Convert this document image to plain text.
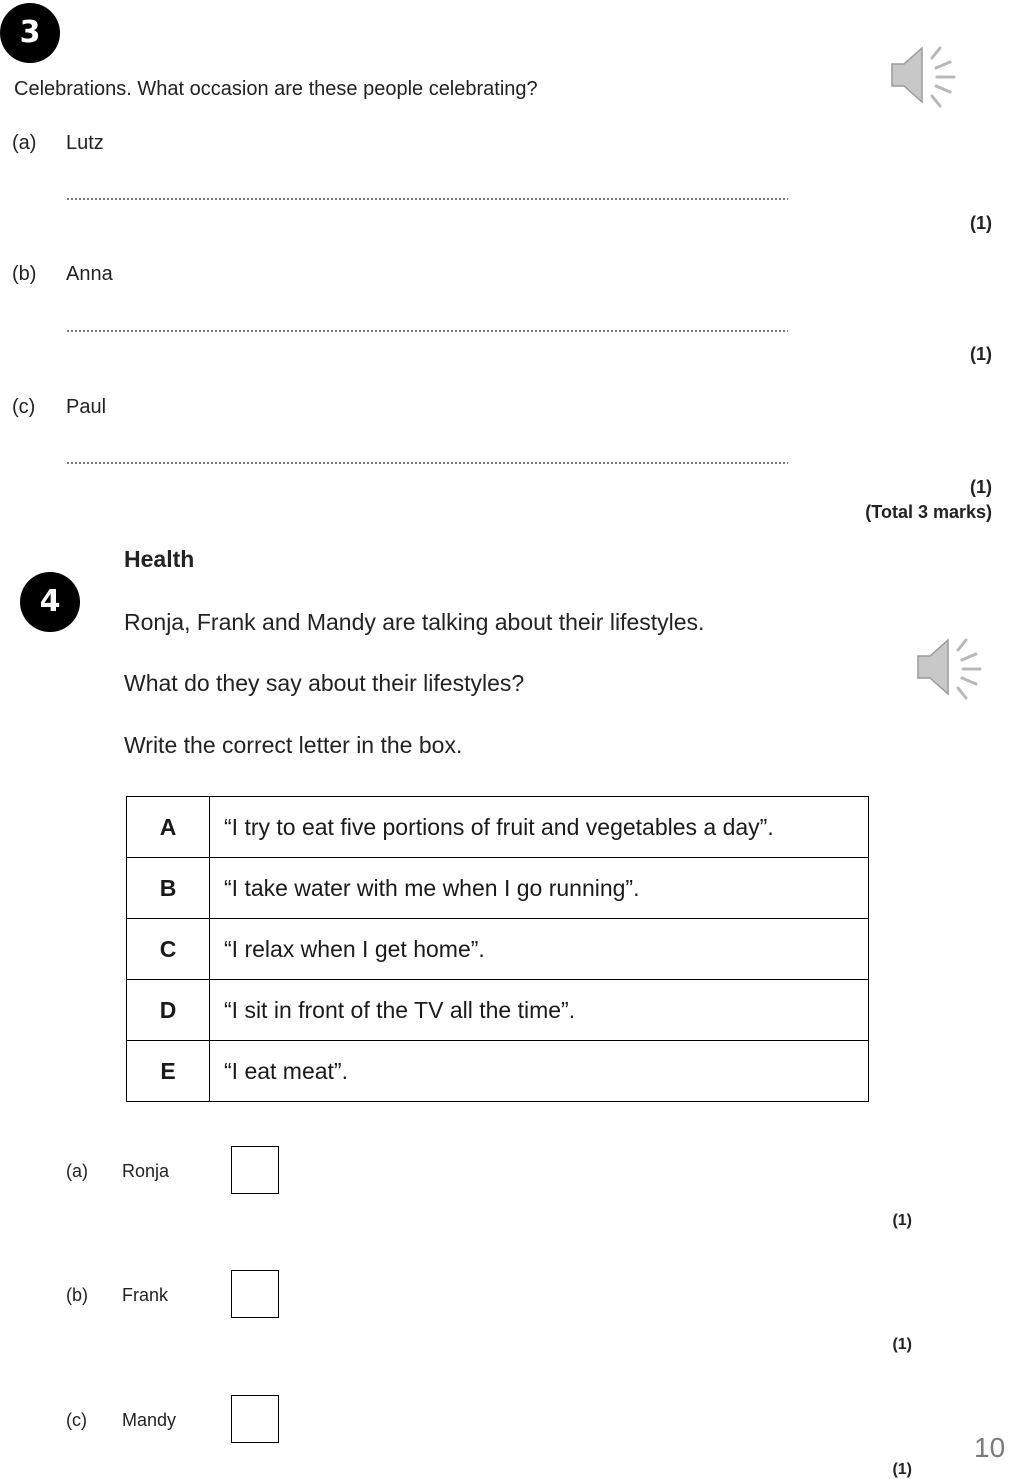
3
Celebrations. What occasion are these people celebrating?
(a) Lutz
(1)
(b) Anna
(1)
(c) Paul
(1)
(Total 3 marks)
Health
4
Ronja, Frank and Mandy are talking about their lifestyles.
What do they say about their lifestyles?
Write the correct letter in the box.
A	“I try to eat five portions of fruit and vegetables a day”.
B	“I take water with me when I go running”.
C	“I relax when I get home”.
D	“I sit in front of the TV all the time”.
E	“I eat meat”.
(a) Ronja
(1)
(b) Frank
(1)
(c) Mandy
(1)
10
